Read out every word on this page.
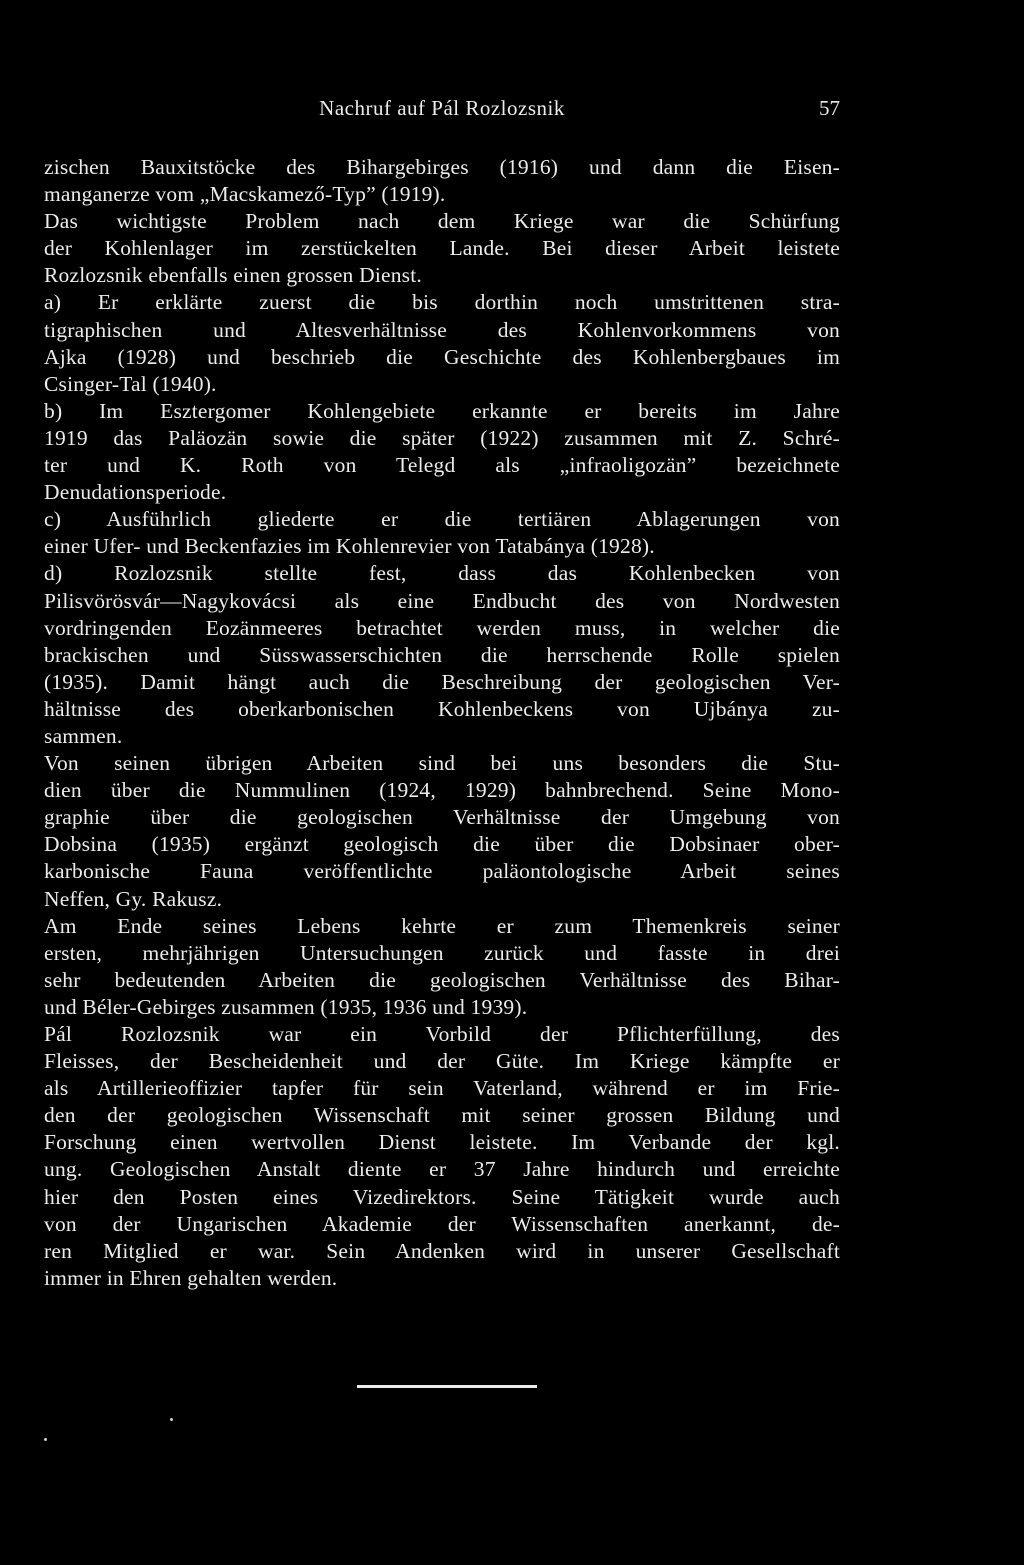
Nachruf auf Pál Rozlozsnik	57
zischen Bauxitstöcke des Bihargebirges (1916) und dann die Eisen-
manganerze vom „Macskamező-Typ” (1919).
Das wichtigste Problem nach dem Kriege war die Schürfung
der Kohlenlager im zerstückelten Lande. Bei dieser Arbeit leistete
Rozlozsnik ebenfalls einen grossen Dienst.
a) Er erklärte zuerst die bis dorthin noch umstrittenen stra-
tigraphischen und Altesverhältnisse des Kohlenvorkommens von
Ajka (1928) und beschrieb die Geschichte des Kohlenbergbaues im
Csinger-Tal (1940).
b) Im Esztergomer Kohlengebiete erkannte er bereits im Jahre
1919 das Paläozän sowie die später (1922) zusammen mit Z. Schré-
ter und K. Roth von Telegd als „infraoligozän” bezeichnete
Denudationsperiode.
c) Ausführlich gliederte er die tertiären Ablagerungen von
einer Ufer- und Beckenfazies im Kohlenrevier von Tatabánya (1928).
d) Rozlozsnik stellte fest, dass das Kohlenbecken von
Pilisvörösvár—Nagykovácsi als eine Endbucht des von Nordwesten
vordringenden Eozänmeeres betrachtet werden muss, in welcher die
brackischen und Süsswasserschichten die herrschende Rolle spielen
(1935). Damit hängt auch die Beschreibung der geologischen Ver-
hältnisse des oberkarbonischen Kohlenbeckens von Ujbánya zu-
sammen.
Von seinen übrigen Arbeiten sind bei uns besonders die Stu-
dien über die Nummulinen (1924, 1929) bahnbrechend. Seine Mono-
graphie über die geologischen Verhältnisse der Umgebung von
Dobsina (1935) ergänzt geologisch die über die Dobsinaer ober-
karbonische Fauna veröffentlichte paläontologische Arbeit seines
Neffen, Gy. Rakusz.
Am Ende seines Lebens kehrte er zum Themenkreis seiner
ersten, mehrjährigen Untersuchungen zurück und fasste in drei
sehr bedeutenden Arbeiten die geologischen Verhältnisse des Bihar-
und Béler-Gebirges zusammen (1935, 1936 und 1939).
Pál Rozlozsnik war ein Vorbild der Pflichterfüllung, des
Fleisses, der Bescheidenheit und der Güte. Im Kriege kämpfte er
als Artillerieoffizier tapfer für sein Vaterland, während er im Frie-
den der geologischen Wissenschaft mit seiner grossen Bildung und
Forschung einen wertvollen Dienst leistete. Im Verbande der kgl.
ung. Geologischen Anstalt diente er 37 Jahre hindurch und erreichte
hier den Posten eines Vizedirektors. Seine Tätigkeit wurde auch
von der Ungarischen Akademie der Wissenschaften anerkannt, de-
ren Mitglied er war. Sein Andenken wird in unserer Gesellschaft
immer in Ehren gehalten werden.
